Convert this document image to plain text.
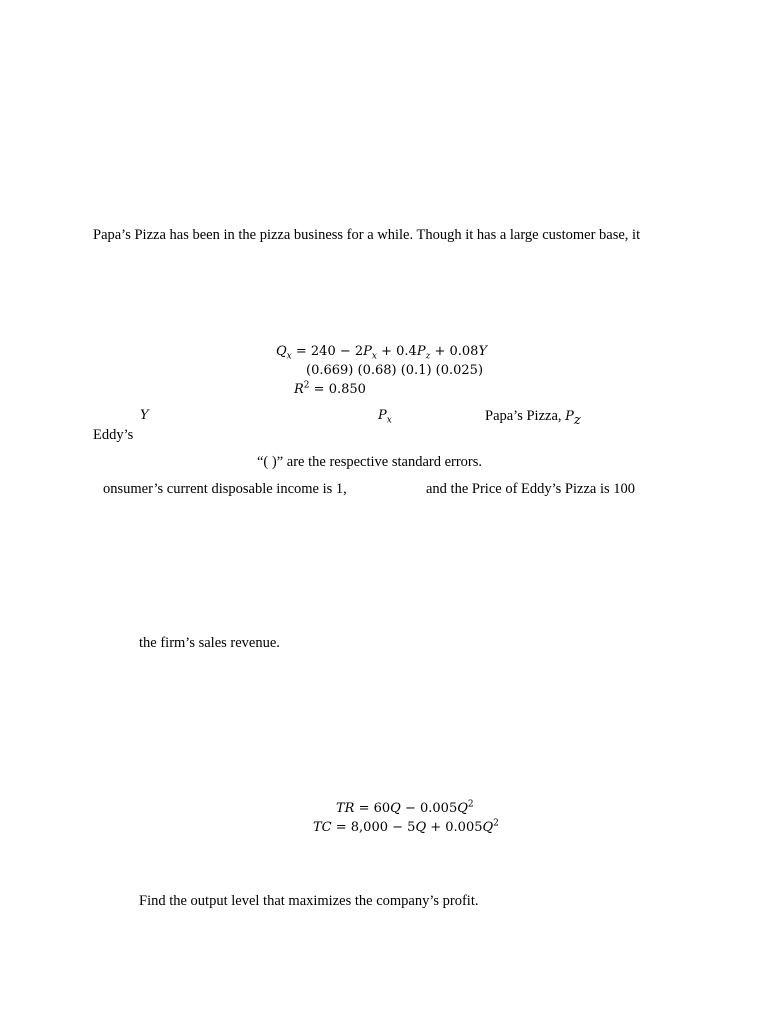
Papa’s Pizza has been in the pizza business for a while. Though it has a large customer base, it
$Q_x = 240 - 2P_x + 0.4P_z + 0.08Y$
(0.669) (0.68) (0.1) (0.025)
$R^2 = 0.850$
Y	$P_x$	Papa’s Pizza, $P_z$
Eddy’s
“( )” are the respective standard errors.
onsumer’s current disposable income is 1,	and the Price of Eddy’s Pizza is 100
the firm’s sales revenue.
TR = $60Q - 0.005Q^2$
TC = $8,000 - 5Q + 0.005Q^2$
Find the output level that maximizes the company’s profit.
